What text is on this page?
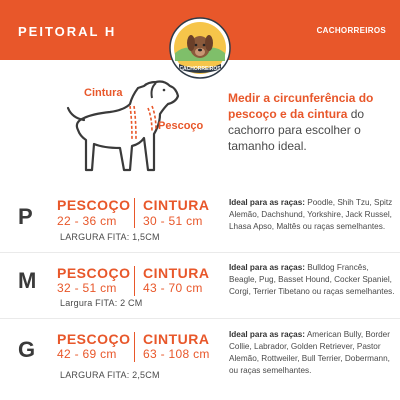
PEITORAL H	CACHORREIROS
CACHORREIROS
Cintura
Pescoço
Medir a circunferência do pescoço e da cintura do cachorro para escolher o tamanho ideal.
P PESCOÇO
22 - 36 cm
CINTURA
30 - 51 cm
LARGURA FITA: 1,5CM
Ideal para as raças: Poodle, Shih Tzu, Spitz Alemão, Dachshund, Yorkshire, Jack Russel, Lhasa Apso, Maltês ou raças semelhantes.
M PESCOÇO
32 - 51 cm
CINTURA
43 - 70 cm
Largura FITA: 2 CM
Ideal para as raças: Bulldog Francês, Beagle, Pug, Basset Hound, Cocker Spaniel, Corgi, Terrier Tibetano ou raças semelhantes.
G PESCOÇO
42 - 69 cm
CINTURA
63 - 108 cm
LARGURA FITA: 2,5CM
Ideal para as raças: American Bully, Border Collie, Labrador, Golden Retriever, Pastor Alemão, Rottweiler, Bull Terrier, Dobermann, ou raças semelhantes.
